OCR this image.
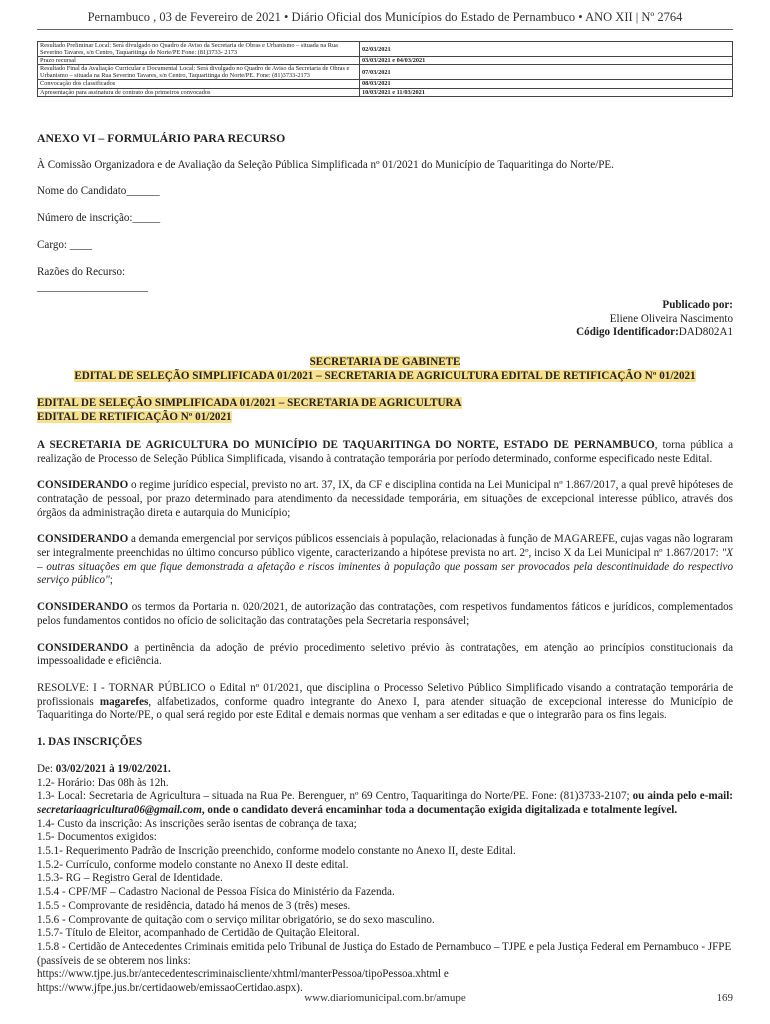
Pernambuco , 03 de Fevereiro de 2021 • Diário Oficial dos Municípios do Estado de Pernambuco • ANO XII | Nº 2764
Resultado Preliminar Local: Será divulgado no Quadro de Aviso da Secretaria de Obras e Urbanismo – situada na Rua Severino Tavares, s/n Centro, Taquaritinga do Norte/PE Fone: (81)3733- 2173	02/03/2021
Prazo recursal	03/03/2021 e 04/03/2021
Resultado Final da Avaliação Curricular e Documental Local: Será divulgado no Quadro de Aviso da Secretaria de Obras e Urbanismo – situada na Rua Severino Tavares, s/n Centro, Taquaritinga do Norte/PE. Fone: (81)3733-2173	07/03/2021
Convocação dos classificados	08/03/2021
Apresentação para assinatura de contrato dos primeiros convocados	10/03/2021 e 11/03/2021
ANEXO VI – FORMULÁRIO PARA RECURSO
À Comissão Organizadora e de Avaliação da Seleção Pública Simplificada nº 01/2021 do Município de Taquaritinga do Norte/PE.
Nome do Candidato______
Número de inscrição:_____
Cargo: ____
Razões do Recurso:
____________________
Publicado por:
Eliene Oliveira Nascimento
Código Identificador:DAD802A1
SECRETARIA DE GABINETE
EDITAL DE SELEÇÃO SIMPLIFICADA 01/2021 – SECRETARIA DE AGRICULTURA EDITAL DE RETIFICAÇÃO Nº 01/2021
EDITAL DE SELEÇÃO SIMPLIFICADA 01/2021 – SECRETARIA DE AGRICULTURA
EDITAL DE RETIFICAÇÃO Nº 01/2021
A SECRETARIA DE AGRICULTURA DO MUNICÍPIO DE TAQUARITINGA DO NORTE, ESTADO DE PERNAMBUCO, torna pública a realização de Processo de Seleção Pública Simplificada, visando à contratação temporária por período determinado, conforme especificado neste Edital.
CONSIDERANDO o regime jurídico especial, previsto no art. 37, IX, da CF e disciplina contida na Lei Municipal nº 1.867/2017, a qual prevê hipóteses de contratação de pessoal, por prazo determinado para atendimento da necessidade temporária, em situações de excepcional interesse público, através dos órgãos da administração direta e autarquia do Município;
CONSIDERANDO a demanda emergencial por serviços públicos essenciais à população, relacionadas à função de MAGAREFE, cujas vagas não lograram ser integralmente preenchidas no último concurso público vigente, caracterizando a hipótese prevista no art. 2º, inciso X da Lei Municipal nº 1.867/2017: "X – outras situações em que fique demonstrada a afetação e riscos iminentes à população que possam ser provocados pela descontinuidade do respectivo serviço público";
CONSIDERANDO os termos da Portaria n. 020/2021, de autorização das contratações, com respetivos fundamentos fáticos e jurídicos, complementados pelos fundamentos contidos no ofício de solicitação das contratações pela Secretaria responsável;
CONSIDERANDO a pertinência da adoção de prévio procedimento seletivo prévio às contratações, em atenção ao princípios constitucionais da impessoalidade e eficiência.
RESOLVE: I - TORNAR PÚBLICO o Edital nº 01/2021, que disciplina o Processo Seletivo Público Simplificado visando a contratação temporária de profissionais magarefes, alfabetizados, conforme quadro integrante do Anexo I, para atender situação de excepcional interesse do Município de Taquaritinga do Norte/PE, o qual será regido por este Edital e demais normas que venham a ser editadas e que o integrarão para os fins legais.
1. DAS INSCRIÇÕES
De: 03/02/2021 à 19/02/2021.
1.2- Horário: Das 08h às 12h.
1.3- Local: Secretaria de Agricultura – situada na Rua Pe. Berenguer, nº 69 Centro, Taquaritinga do Norte/PE. Fone: (81)3733-2107; ou ainda pelo e-mail: secretariaagricultura06@gmail.com, onde o candidato deverá encaminhar toda a documentação exigida digitalizada e totalmente legível.
1.4- Custo da inscrição: As inscrições serão isentas de cobrança de taxa;
1.5- Documentos exigidos:
1.5.1- Requerimento Padrão de Inscrição preenchido, conforme modelo constante no Anexo II, deste Edital.
1.5.2- Currículo, conforme modelo constante no Anexo II deste edital.
1.5.3- RG – Registro Geral de Identidade.
1.5.4 - CPF/MF – Cadastro Nacional de Pessoa Física do Ministério da Fazenda.
1.5.5 - Comprovante de residência, datado há menos de 3 (três) meses.
1.5.6 - Comprovante de quitação com o serviço militar obrigatório, se do sexo masculino.
1.5.7- Título de Eleitor, acompanhado de Certidão de Quitação Eleitoral.
1.5.8 - Certidão de Antecedentes Criminais emitida pelo Tribunal de Justiça do Estado de Pernambuco – TJPE e pela Justiça Federal em Pernambuco - JFPE
(passíveis de se obterem nos links:
https://www.tjpe.jus.br/antecedentescriminaiscliente/xhtml/manterPessoa/tipoPessoa.xhtml e
https://www.jfpe.jus.br/certidaoweb/emissaoCertidao.aspx).
www.diariomunicipal.com.br/amupe	169
